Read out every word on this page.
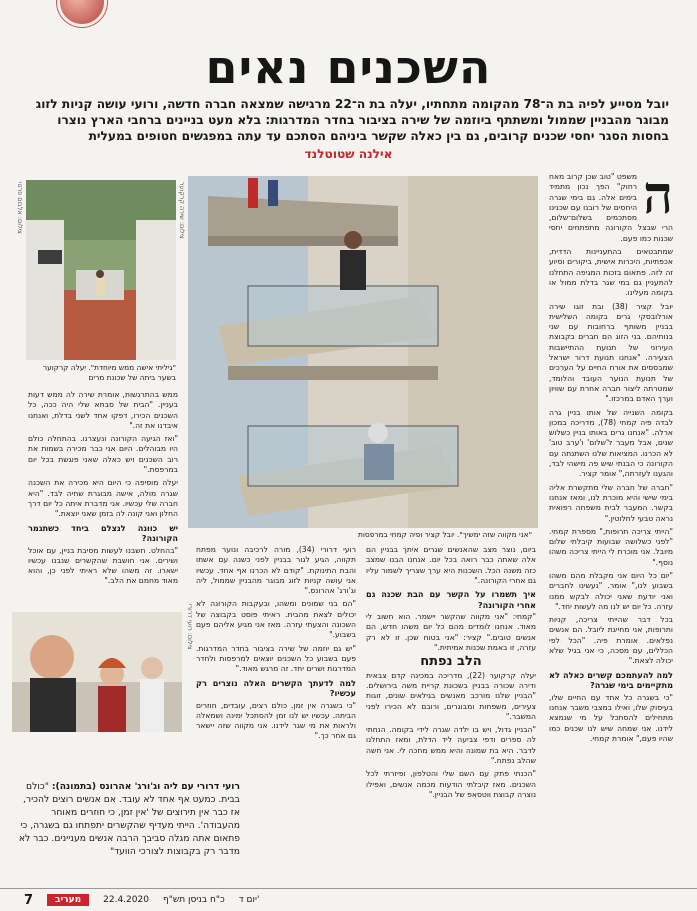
השכנים נאים
יובל מסייע לפיה בת ה־78 מהקומה מתחתיו, יעלה בת ה־22 מרגישה שמצאה חברה חדשה, ורועי עושה קניות לזוג מבוגר מהבניין שממול ומשתתף ביוזמה של שירה בציבור בחדר המדרגות: בלא מעט בניינים ברחבי הארץ נוצרו בחסות הסגר יחסי שכנים קרובים, גם בין כאלה שקשר ביניהם הסתכם עד עתה במפגשים חטופים במעלית
אילנה שטוטלנד
ה

משפט "טוב שכן קרוב מאח רחוק" הפך נכון מתמיד בימים אלה. גם בימי שגרה היחסים של רובנו עם שכנינו מסתכמים בשלום־שלום, הרי שבצל הקורונה מתפתחים יחסי שכנות כמו פעם.

שמתבטאים בהתעניינות הדדית, אכפתיות, היכרות אישית, ביקורים וסיוע זה לזה. פתאום בזכות המגיפה התחלנו להתעניין גם במי שגר בדלת ממול או בקומה מעלינו.

יובל קציר (38) ובת זוגו שירה אורלובסקי גרים בקומה השלישית בבניין משותף ברחובות עם שני בנותיהם. בני הזוג הם חברים בקבוצת העירוני של תנועת ההתיישבות הצעירה. "אנחנו תנועת דרור ישראל שמבססים את אורח החיים על הערכים של תנועת הנוער העובד והלומד, שמטרתה ליצור חברה אחרת עם שוויון וערך האדם במרכזו."

בקומה השנייה של אותו בניין גרה לבדה פיה קמחי (78), מדריכה במכון ארלה. "אנחנו גרים באותו בניין כשלוש שנים, אבל מעבר ל'שלום' ו'ערב טוב' לא הכרנו. המציאות שלנו השתנתה עם הקורונה כי הבנתי שיש פה מישהי לבד, והגענו לעזרתה," אומר קציר.

"חברה של חברה שלי מתקשרת אליה בימי שישי והיא מוכרת לנו, ומאז אנחנו בקשר. המעבר לבית משפחה רפואית נראה טבעי לחלוטין."

"הייתי צריכה תרופות," מספרת קמחי. "לפני כשלושה שבועות קיבלתי שלום מיובל. אני מוכרת לי הייתי צריכה משהו נוסף."

"יום כל היום אני מקבלת מהם משהו בשבוע לנו," אומר. "נעשינו לחברים ואני יודעת שאני יכולה לבקש ממנו עזרה. כל יום יש לנו מה לעשות יחד."

בכל דבר שהייתי צריכה, קניות ותרופות, אני מחייגת ליובל. הם אנשים נפלאים. אומרת פיה. "הכל לפי הכללים, עם מסכה, כי אני בגיל שלא יכולה לצאת."

למה להעתמכם קשרים כאלה לא מתקיימים בימי שגרה?

"כי בשגרה כל אחד עם החיים שלו, בעיסוק שלו, ואילו במצבי משבר אנחנו מתחילים להסתכל על מי שנמצא לידנו. אני שמחה שיש לנו שכנים כמו שהיו פעם," אומרת קמחי.

צילום: שירה קרקוער
"אני מקווה שזה ימשיך". יובל קציר ופיה קמחי במרפסות

ביום, נוצר מצב שהאנשים שגרים איתך בבניין הם אלה שאתה כבר רואה בכל יום. אנחנו הבנו שמצב כזה משנה הכל. השכנות היא ערך שצריך לשמור עליו גם אחרי הקורונה."

איך תשמרו על הקשר עם הבת שכנה גם אחרי הקורונה?

"קמחי: "אני מקווה שהקשר יישמר. הוא חשוב לי מאוד. אנחנו לומדים מהם כל יום משהו חדש, הם אנשים טובים." קציר: "אני בטוח שכן. זו לא רק עזרה, זו באמת שכנות אמיתית."

הלב נפתח

יעלה קרקוער (22), מדריכה במכינה קדם צבאית ודירה שכורה בבניין בשכונת קריית משה בירושלים. "הבניין שלנו מורכב מאנשים בגילאים שונים, זוגות צעירים, משפחות ומבוגרים, ורובם לא הכירו לפני המשבר."

"הבניין גדול, ויש בו ילדה שגרה לידי בקומה. הנחתי לה ספרים ודפי צביעה ליד הדלת, ומאז התחלנו לדבר. היא בת שמונה והיא ממש מחכה לי. אני חשה שהלב נפתח."

"הכנתי פתק עם השם שלי והטלפון, ופיזרתי לכל השכנים. מאז קיבלתי הודעות מכמה אנשים, ואפילו נוצרה קבוצת ווטסאפ של הבניין."

צילום: אלבום פרטי
"גיליתי אישה ממש מיוחדת". יעלה קרקוער בשער ביתה של שכונת מרים

ממש בהתרגשות, אומרת שירה לה ממש דעות בעניין. "הבית של סבתא שלי היה ככה, כל השכנים הכירו, דפקו אחד לשני בדלת, ואנחנו איבדנו את זה."

"ואז הגיעה הקורונה ונעצרנו. בהתחלה כולם היו מבוהלים. היום אני כבר מכירה בשמות את רוב השכנים ויש כאלה שאני פוגשת בכל יום במרפסת."

יעלה מוסיפה כי היום היא מכירה את השכנה שגרה מולה, אישה מבוגרת שחיה לבד. "היא חברה שלי עכשיו. אני מדברת איתה כל יום דרך החלון ואני קונה לה בזמן שאני יוצאת."

יש כוונה לנצלם ביחד כשתגמר הקורונה?

"בהחלט. חשבנו לעשות מסיבת בניין, עם אוכל ושירים. אני חושבת שהקשרים שנבנו עכשיו ישארו. זה משהו שלא ראיתי לפני כן, והוא מאוד מחמם את הלב."

רועי דרורי (34), מורה לרכיבה ונוער מפתח תקווה, הגיע לגור בבניין לפני כשנה עם אשתו והבת התינוקת. "קודם לא הכרנו אף אחד. עכשיו אני עושה קניות לזוג מבוגר מהבניין שממול, ליה וג'ורג' אהרונס."

"הם בני שמונים ומשהו, ובעקבות הקורונה לא יכולים לצאת מהבית. ראיתי פוסט בקבוצה של השכונה והצעתי עזרה. מאז אני מגיע אליהם פעם בשבוע."

"יש גם יוזמה של שירה בציבור בחדר המדרגות. פעם בשבוע כל השכנים יוצאים למרפסות ולחדר המדרגות ושרים יחד. זה מרגש מאוד."

למה לדעתך הקשרים האלה נוצרים רק עכשיו?

"כי בשגרה אין זמן. כולם רצים, עובדים, חוזרים הביתה. עכשיו יש לנו זמן להסתכל ימינה ושמאלה ולראות את מי שגר לידנו. אני מקווה שזה יישאר גם אחר כך."

צילום: רועי דרורי
רועי דרורי עם ליה וג'ורג' אהרונס (בתמונה): "כולם בבית. כמעט אף אחד לא עובד. אם אנשים רוצים להכיר, אז כבר אין תירוצים של 'אין זמן, כי חוזרים מאוחר מהעבודה'. הייתי מעדיף שהקשרים יתפתחו גם בשגרה, כי פתאום אתה מגלה סביבך הרבה אנשים מעניינים. כבר לא מדבר רק בקבוצות לצורכי הוועד"
7	מעריב	22.4.2020 כ"ח בניסן תש"ף יום ד'
